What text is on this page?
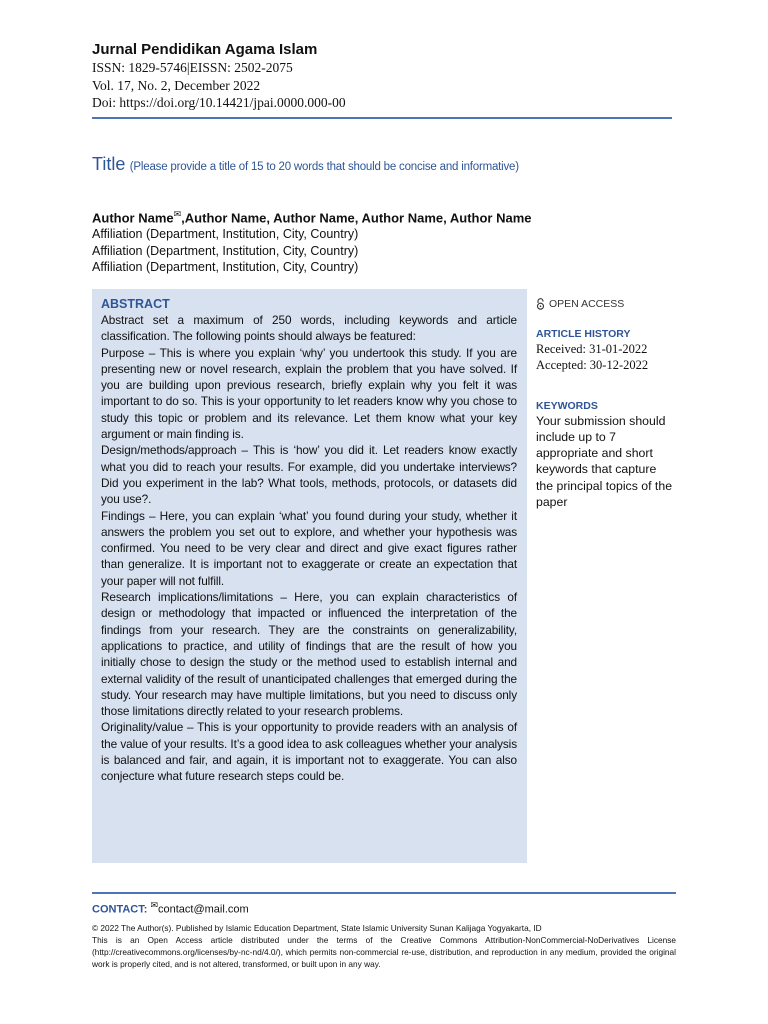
Jurnal Pendidikan Agama Islam
ISSN: 1829-5746|EISSN: 2502-2075
Vol. 17, No. 2, December 2022
Doi: https://doi.org/10.14421/jpai.0000.000-00
Title (Please provide a title of 15 to 20 words that should be concise and informative)
Author Name✉,Author Name, Author Name, Author Name, Author Name
Affiliation (Department, Institution, City, Country)
Affiliation (Department, Institution, City, Country)
Affiliation (Department, Institution, City, Country)
ABSTRACT

Abstract set a maximum of 250 words, including keywords and article classification. The following points should always be featured:

Purpose – This is where you explain ‘why’ you undertook this study. If you are presenting new or novel research, explain the problem that you have solved. If you are building upon previous research, briefly explain why you felt it was important to do so. This is your opportunity to let readers know why you chose to study this topic or problem and its relevance. Let them know what your key argument or main finding is.

Design/methods/approach – This is ‘how’ you did it. Let readers know exactly what you did to reach your results. For example, did you undertake interviews? Did you experiment in the lab? What tools, methods, protocols, or datasets did you use?.

Findings – Here, you can explain ‘what’ you found during your study, whether it answers the problem you set out to explore, and whether your hypothesis was confirmed. You need to be very clear and direct and give exact figures rather than generalize. It is important not to exaggerate or create an expectation that your paper will not fulfill.

Research implications/limitations – Here, you can explain characteristics of design or methodology that impacted or influenced the interpretation of the findings from your research. They are the constraints on generalizability, applications to practice, and utility of findings that are the result of how you initially chose to design the study or the method used to establish internal and external validity of the result of unanticipated challenges that emerged during the study. Your research may have multiple limitations, but you need to discuss only those limitations directly related to your research problems.

Originality/value – This is your opportunity to provide readers with an analysis of the value of your results. It’s a good idea to ask colleagues whether your analysis is balanced and fair, and again, it is important not to exaggerate. You can also conjecture what future research steps could be.

OPEN ACCESS
ARTICLE HISTORY
Received: 31-01-2022
Accepted: 30-12-2022
KEYWORDS
Your submission should include up to 7 appropriate and short keywords that capture the principal topics of the paper
CONTACT: ✉contact@mail.com

© 2022 The Author(s). Published by Islamic Education Department, State Islamic University Sunan Kalijaga Yogyakarta, ID

This is an Open Access article distributed under the terms of the Creative Commons Attribution-NonCommercial-NoDerivatives License (http://creativecommons.org/licenses/by-nc-nd/4.0/), which permits non-commercial re-use, distribution, and reproduction in any medium, provided the original work is properly cited, and is not altered, transformed, or built upon in any way.
